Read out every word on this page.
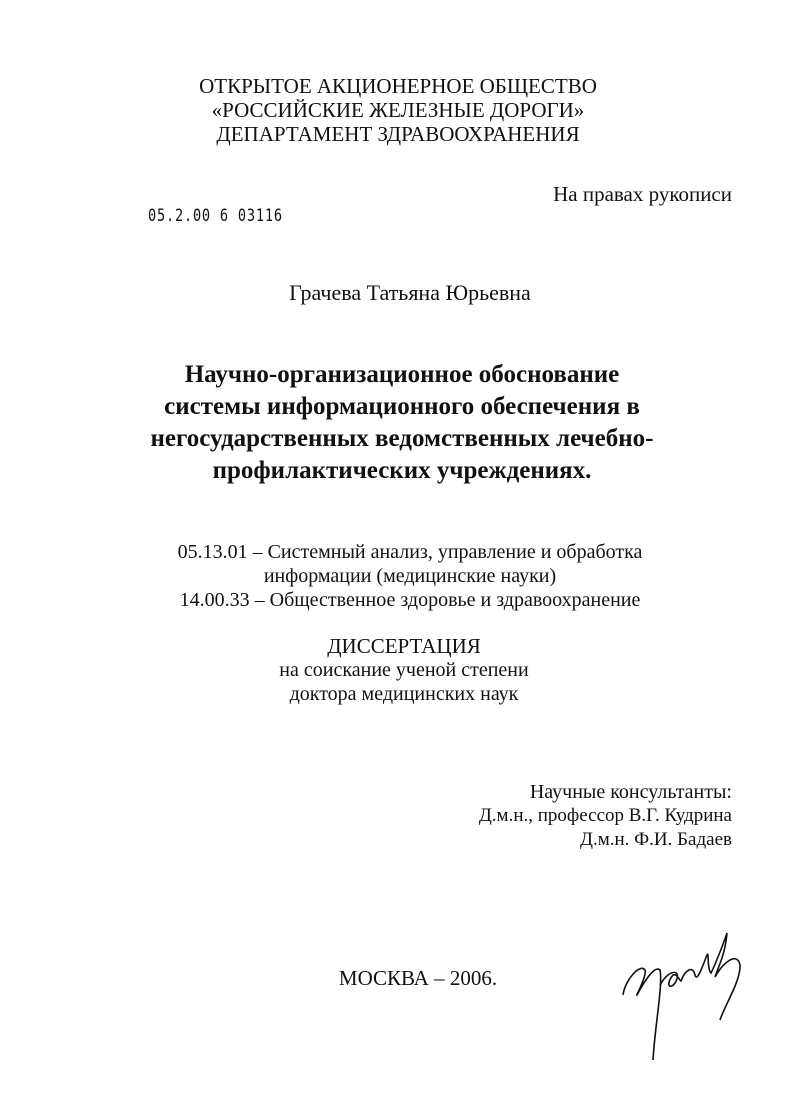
ОТКРЫТОЕ АКЦИОНЕРНОЕ ОБЩЕСТВО
«РОССИЙСКИЕ ЖЕЛЕЗНЫЕ ДОРОГИ»
ДЕПАРТАМЕНТ ЗДРАВООХРАНЕНИЯ
На правах рукописи
05.2.00 6 03116
Грачева Татьяна Юрьевна
Научно-организационное обоснование
системы информационного обеспечения в
негосударственных ведомственных лечебно-
профилактических учреждениях.
05.13.01 – Системный анализ, управление и обработка
информации (медицинские науки)
14.00.33 – Общественное здоровье и здравоохранение
ДИССЕРТАЦИЯ
на соискание ученой степени
доктора медицинских наук
Научные консультанты:
Д.м.н., профессор В.Г. Кудрина
Д.м.н. Ф.И. Бадаев
МОСКВА – 2006.
